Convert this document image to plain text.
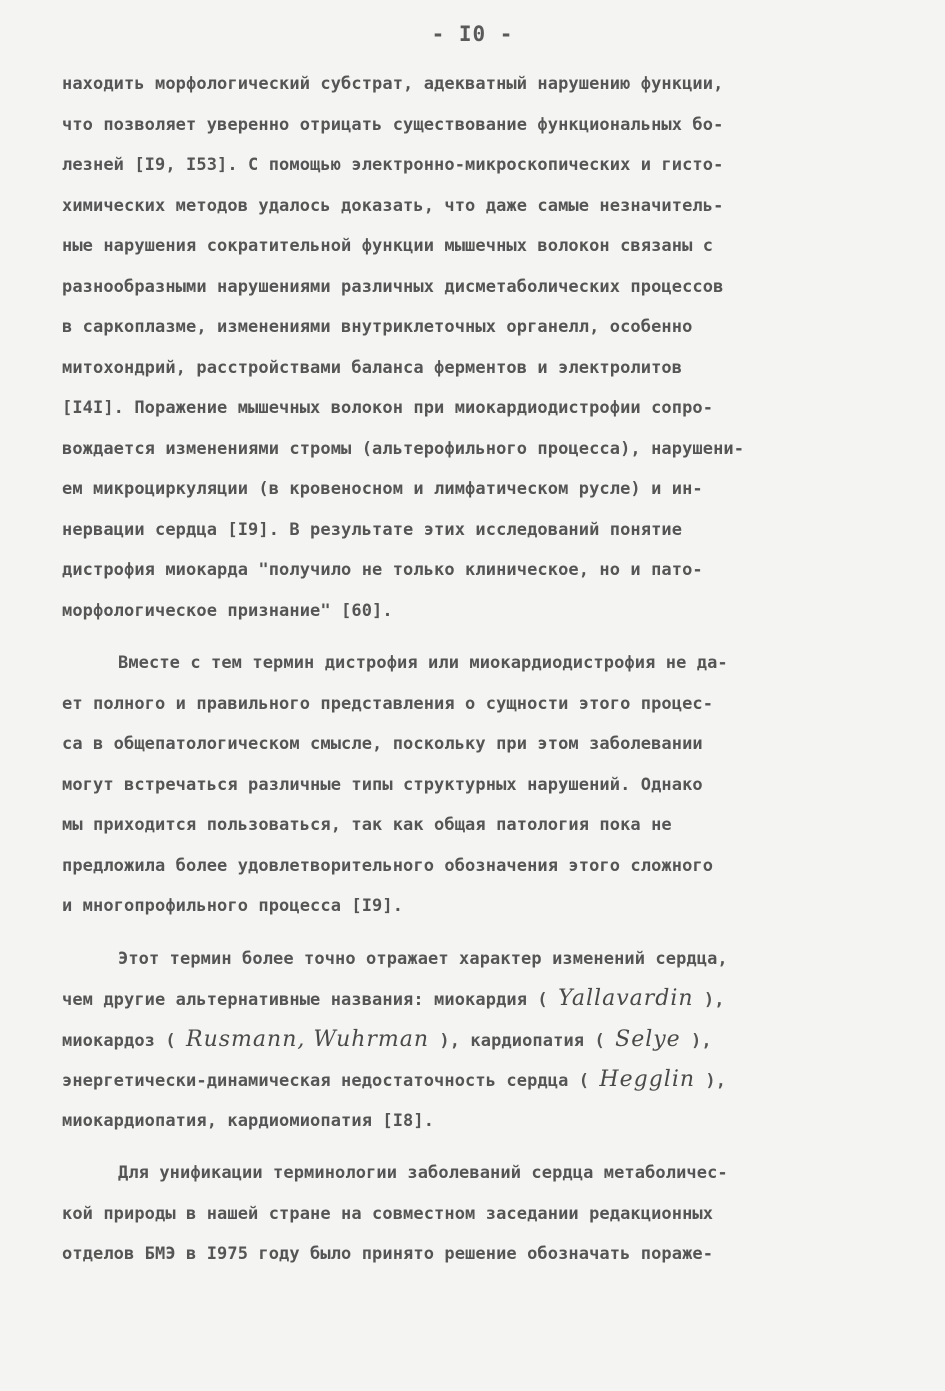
- I0 -
находить морфологический субстрат, адекватный нарушению функции,
что позволяет уверенно отрицать существование функциональных бо-
лезней [I9, I53]. С помощью электронно-микроскопических и гисто-
химических методов удалось доказать, что даже самые незначитель-
ные нарушения сократительной функции мышечных волокон связаны с
разнообразными нарушениями различных дисметаболических процессов
в саркоплазме, изменениями внутриклеточных органелл, особенно
митохондрий, расстройствами баланса ферментов и электролитов
[I4I]. Поражение мышечных волокон при миокардиодистрофии сопро-
вождается изменениями стромы (альтерофильного процесса), нарушени-
ем микроциркуляции (в кровеносном и лимфатическом русле) и ин-
нервации сердца [I9]. В результате этих исследований понятие
дистрофия миокарда "получило не только клиническое, но и пато-
морфологическое признание" [60].
Вместе с тем термин дистрофия или миокардиодистрофия не да-
ет полного и правильного представления о сущности этого процес-
са в общепатологическом смысле, поскольку при этом заболевании
могут встречаться различные типы структурных нарушений. Однако
мы приходится пользоваться, так как общая патология пока не
предложила более удовлетворительного обозначения этого сложного
и многопрофильного процесса [I9].
Этот термин более точно отражает характер изменений сердца,
чем другие альтернативные названия: миокардия ( Yallavardin ),
миокардоз ( Rusmann, Wuhrman ), кардиопатия ( Selye ),
энергетически-динамическая недостаточность сердца ( Hegglin ),
миокардиопатия, кардиомиопатия [I8].
Для унификации терминологии заболеваний сердца метаболичес-
кой природы в нашей стране на совместном заседании редакционных
отделов БМЭ в I975 году было принято решение обозначать пораже-
